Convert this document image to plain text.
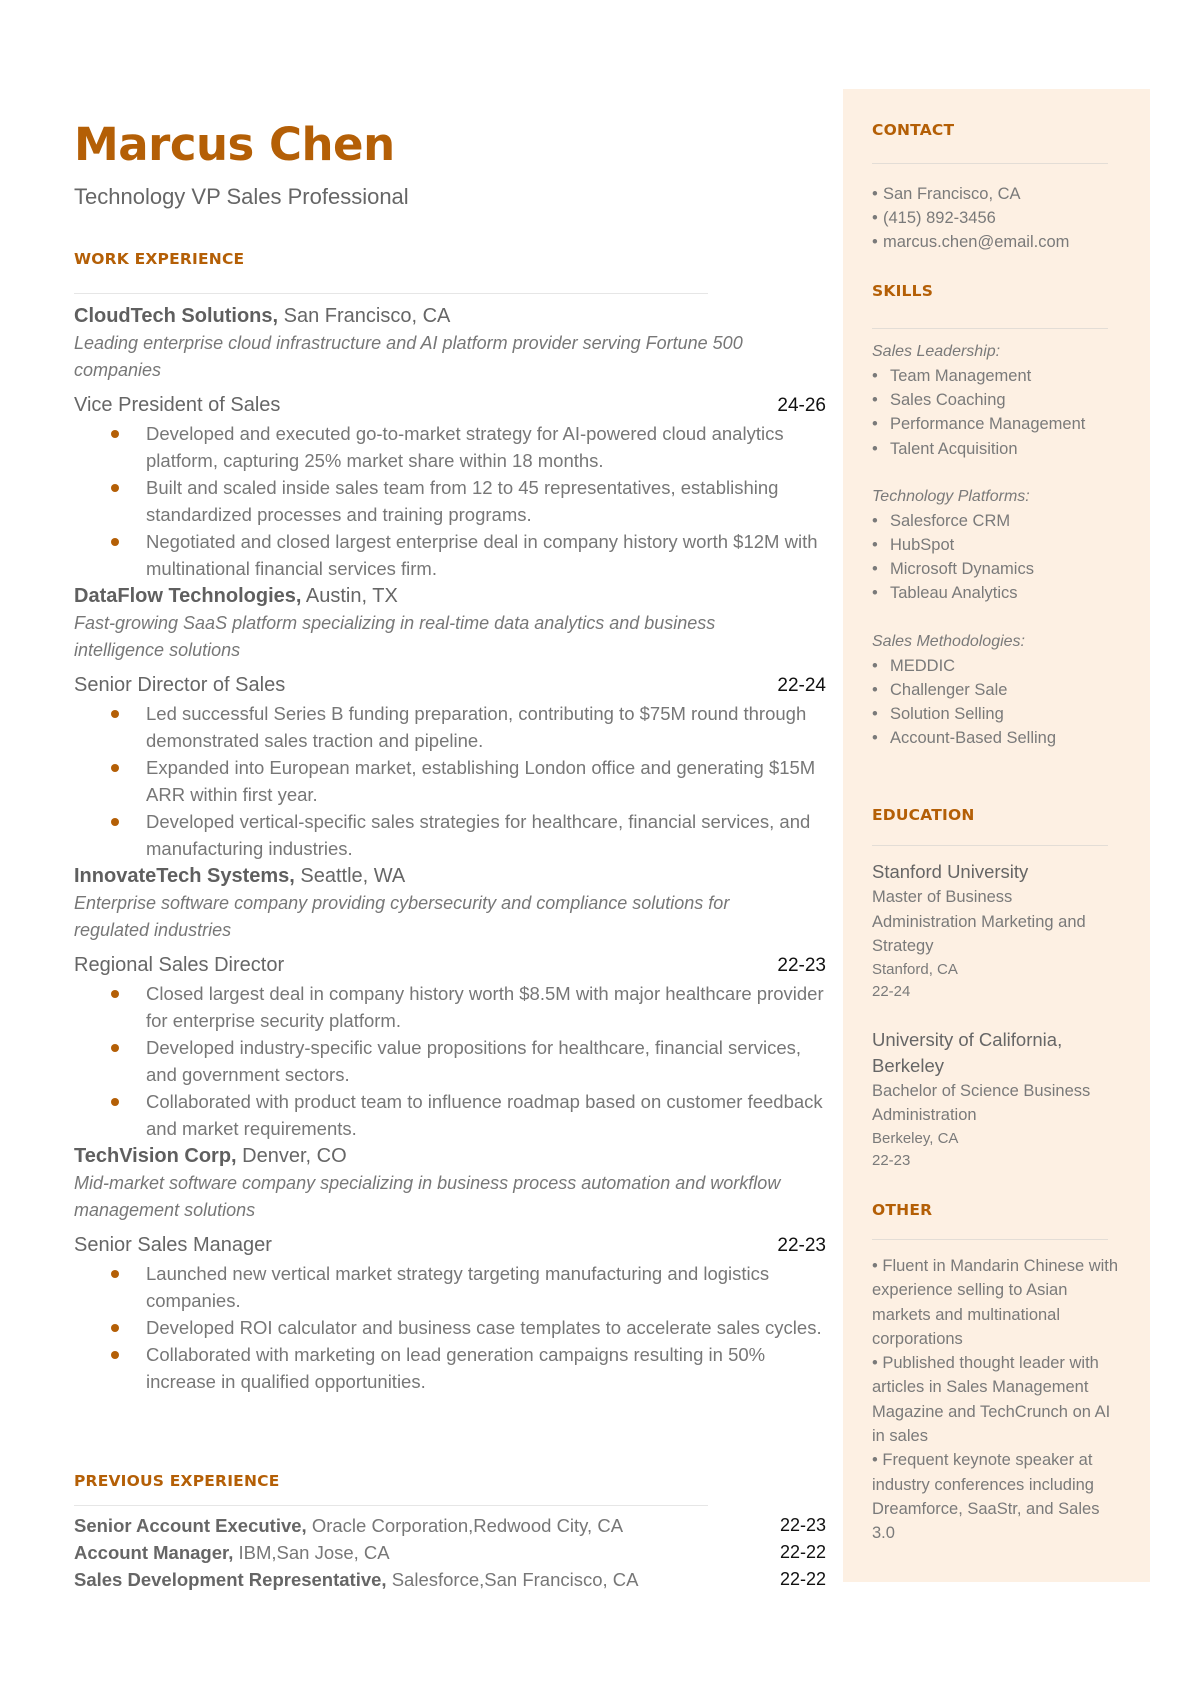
Marcus Chen
Technology VP Sales Professional
WORK EXPERIENCE
CloudTech Solutions, San Francisco, CA
Leading enterprise cloud infrastructure and AI platform provider serving Fortune 500 companies
Vice President of Sales	24-26
Developed and executed go-to-market strategy for AI-powered cloud analytics platform, capturing 25% market share within 18 months.
Built and scaled inside sales team from 12 to 45 representatives, establishing standardized processes and training programs.
Negotiated and closed largest enterprise deal in company history worth $12M with multinational financial services firm.
DataFlow Technologies, Austin, TX
Fast-growing SaaS platform specializing in real-time data analytics and business intelligence solutions
Senior Director of Sales	22-24
Led successful Series B funding preparation, contributing to $75M round through demonstrated sales traction and pipeline.
Expanded into European market, establishing London office and generating $15M ARR within first year.
Developed vertical-specific sales strategies for healthcare, financial services, and manufacturing industries.
InnovateTech Systems, Seattle, WA
Enterprise software company providing cybersecurity and compliance solutions for regulated industries
Regional Sales Director	22-23
Closed largest deal in company history worth $8.5M with major healthcare provider for enterprise security platform.
Developed industry-specific value propositions for healthcare, financial services, and government sectors.
Collaborated with product team to influence roadmap based on customer feedback and market requirements.
TechVision Corp, Denver, CO
Mid-market software company specializing in business process automation and workflow management solutions
Senior Sales Manager	22-23
Launched new vertical market strategy targeting manufacturing and logistics companies.
Developed ROI calculator and business case templates to accelerate sales cycles.
Collaborated with marketing on lead generation campaigns resulting in 50% increase in qualified opportunities.
PREVIOUS EXPERIENCE
Senior Account Executive, Oracle Corporation,Redwood City, CA	22-23
Account Manager, IBM,San Jose, CA	22-22
Sales Development Representative, Salesforce,San Francisco, CA	22-22
CONTACT
• San Francisco, CA
• (415) 892-3456
• marcus.chen@email.com
SKILLS
Sales Leadership:
• Team Management
• Sales Coaching
• Performance Management
• Talent Acquisition
Technology Platforms:
• Salesforce CRM
• HubSpot
• Microsoft Dynamics
• Tableau Analytics
Sales Methodologies:
• MEDDIC
• Challenger Sale
• Solution Selling
• Account-Based Selling
EDUCATION
Stanford University
Master of Business Administration Marketing and Strategy
Stanford, CA
22-24
University of California, Berkeley
Bachelor of Science Business Administration
Berkeley, CA
22-23
OTHER
• Fluent in Mandarin Chinese with experience selling to Asian markets and multinational corporations
• Published thought leader with articles in Sales Management Magazine and TechCrunch on AI in sales
• Frequent keynote speaker at industry conferences including Dreamforce, SaaStr, and Sales 3.0
